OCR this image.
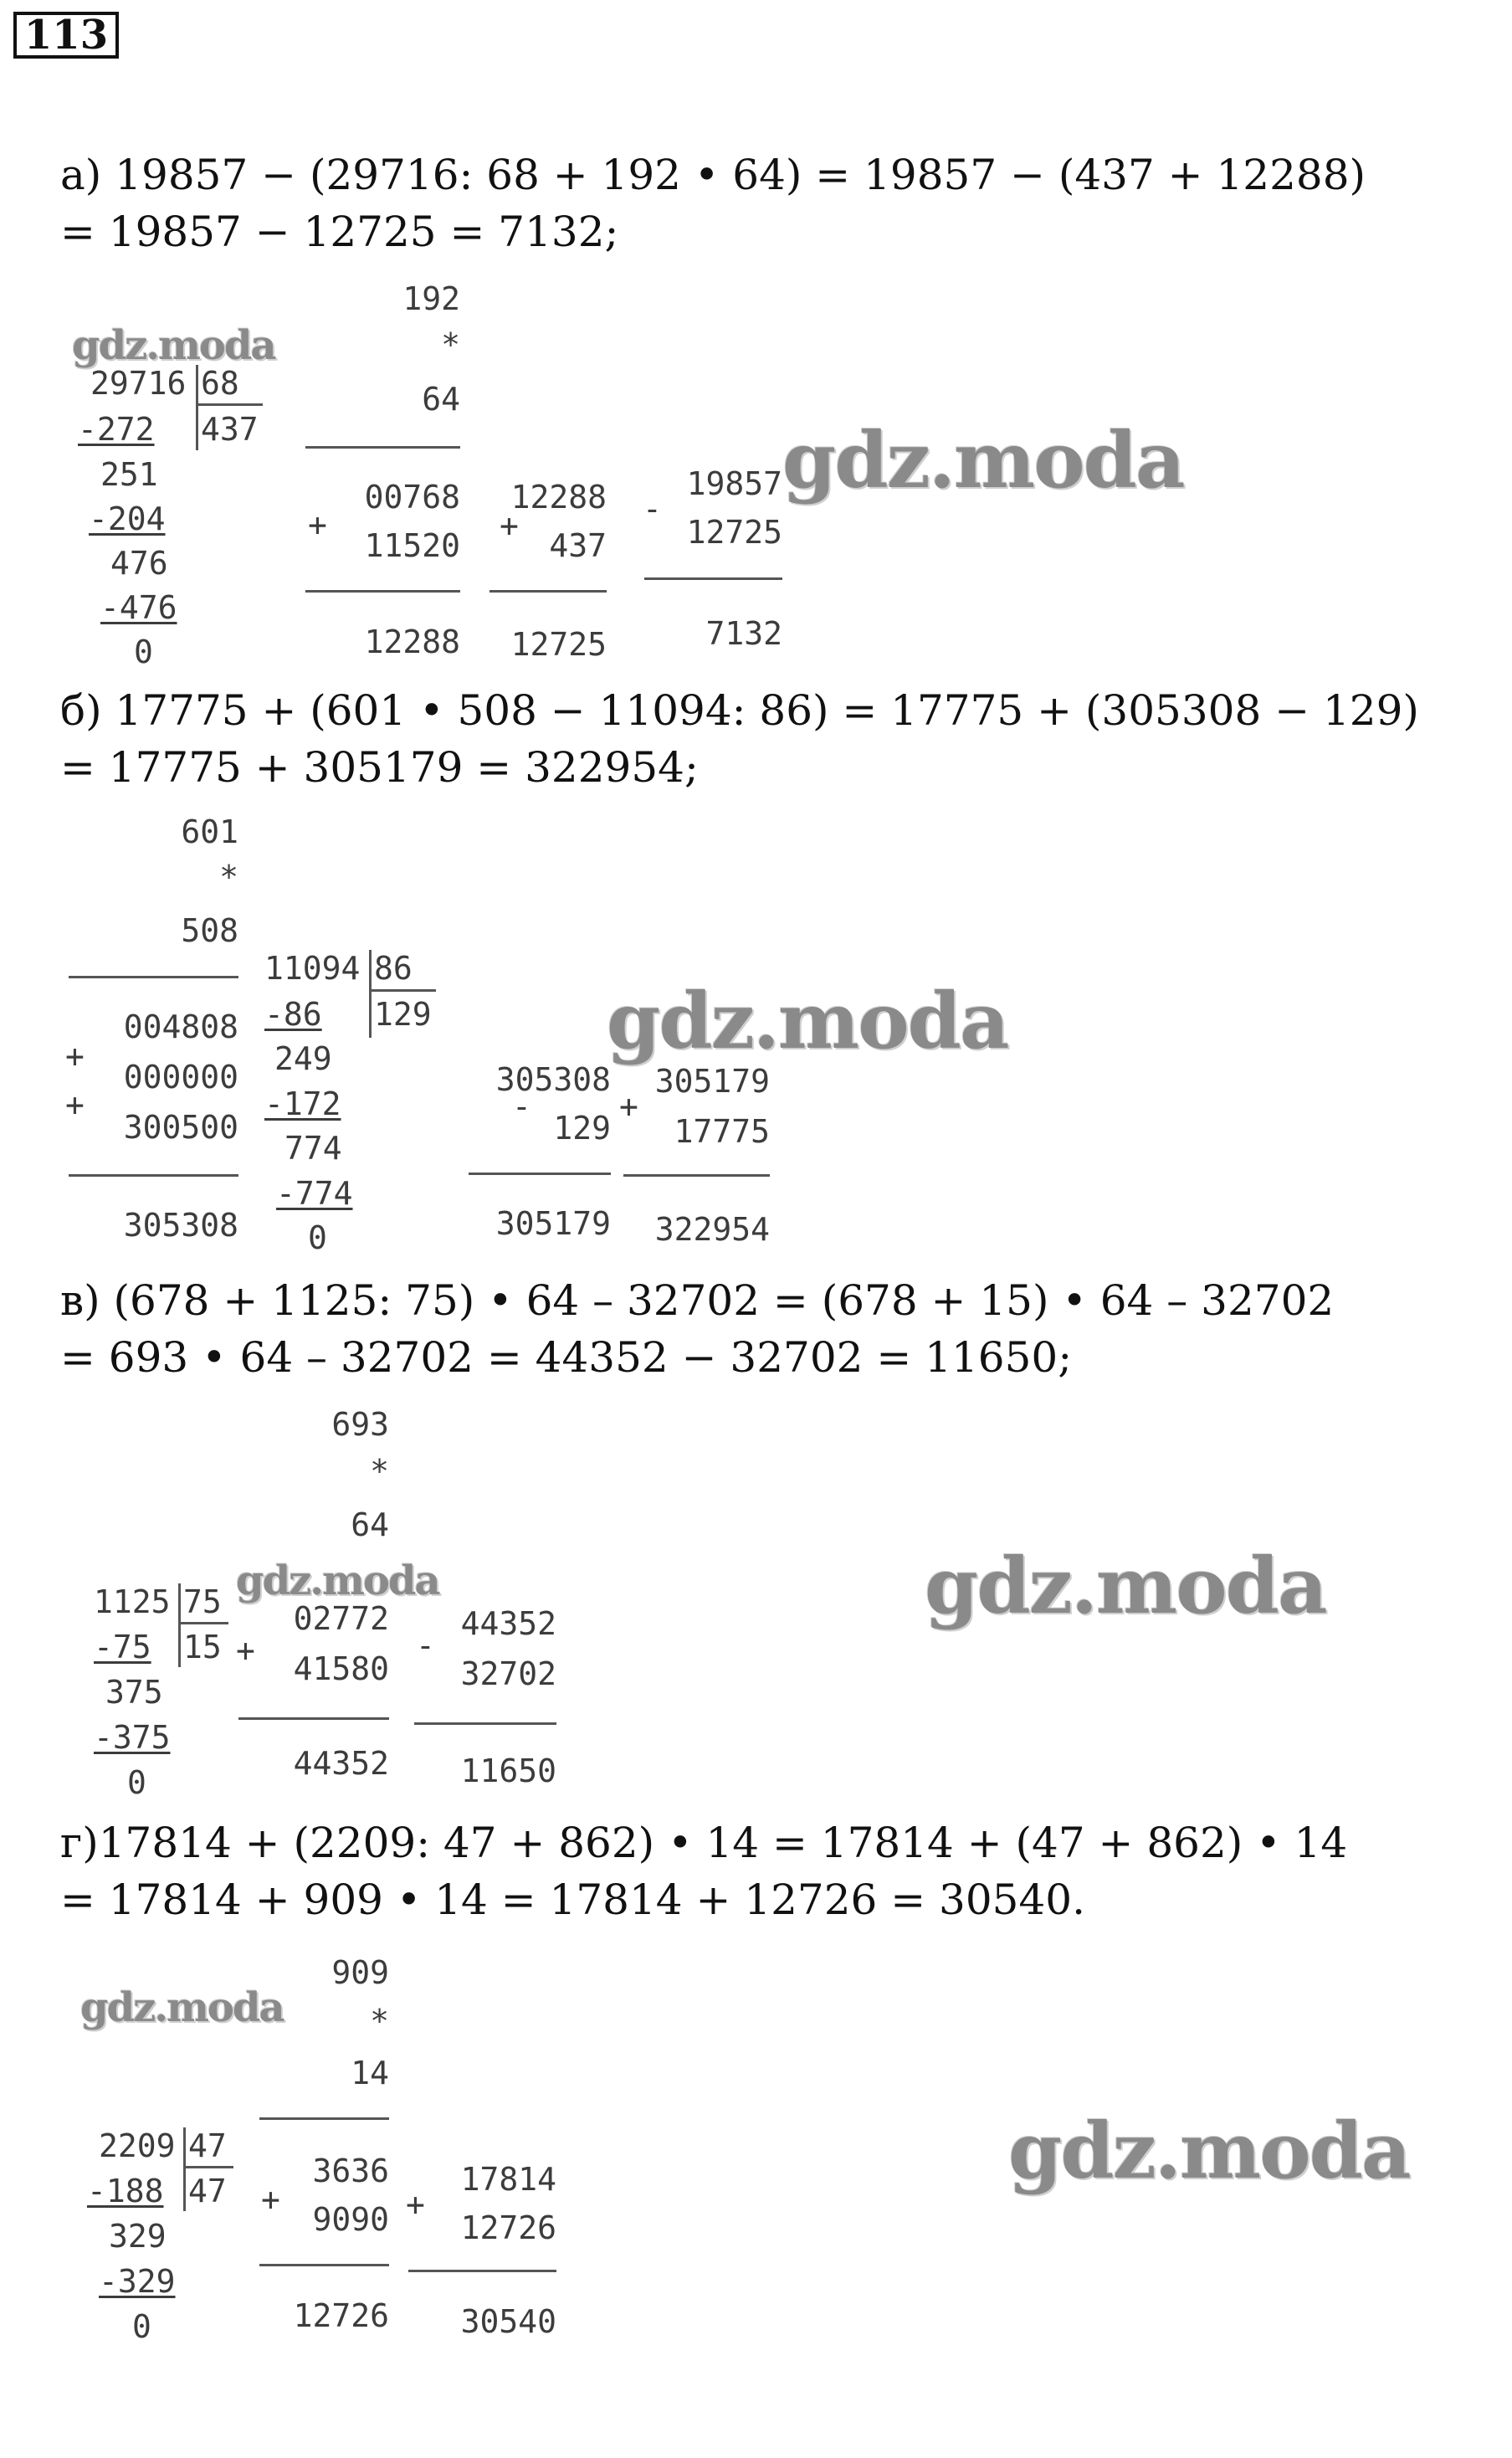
113
а) 19857 − (29716: 68 + 192 • 64) = 19857 − (437 + 12288)
= 19857 − 12725 = 7132;
192
*
64
+
00768
11520
12288
29716 68
437
-272
251
-204
476
-476
0
12288
+
437
12725
-
19857
12725
7132
gdz.moda
gdz.moda
б) 17775 + (601 • 508 − 11094: 86) = 17775 + (305308 − 129)
= 17775 + 305179 = 322954;
601
*
508
004808
+
000000
+
300500
305308
11094 86
129
-86
249
-172
774
-774
0
305308
-
129
305179
305179
+
17775
322954
gdz.moda
в) (678 + 1125: 75) • 64 – 32702 = (678 + 15) • 64 – 32702
= 693 • 64 – 32702 = 44352 − 32702 = 11650;
693
*
64
02772
+	41580
44352
1125 75
15
-75
375
-375
0
-
44352
32702
11650
gdz.moda	gdz.moda
г)17814 + (2209: 47 + 862) • 14 = 17814 + (47 + 862) • 14
= 17814 + 909 • 14 = 17814 + 12726 = 30540.
909
*
14
3636
+
9090
12726
2209 47
47
-188
329
-329
0
+
17814
12726
30540
gdz.moda
gdz.moda
